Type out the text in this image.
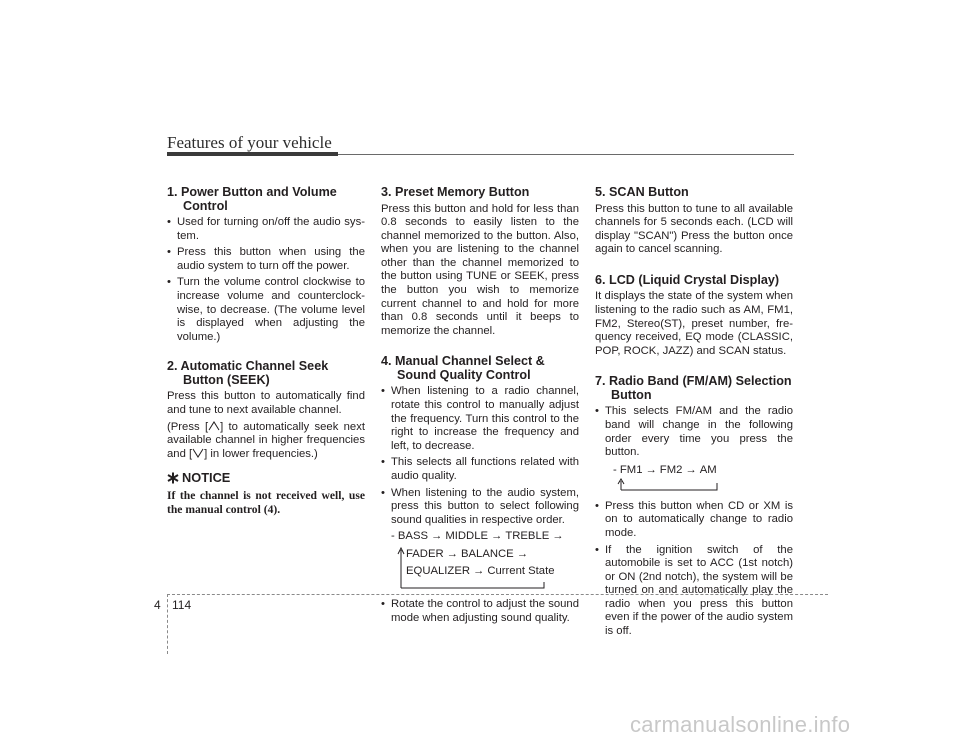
Features of your vehicle
1. Power Button and Volume
Control
• Used for turning on/off the audio sys-tem.
• Press this button when using the audio system to turn off the power.
• Turn the volume control clockwise to increase volume and counterclock-wise, to decrease. (The volume level is displayed when adjusting the volume.)
2. Automatic Channel Seek
Button (SEEK)

Press this button to automatically find and tune to next available channel.

(Press [ ] to automatically seek next available channel in higher frequencies and [ ] in lower frequencies.)

NOTICE
If the channel is not received well, use the manual control (4).
3. Preset Memory Button

Press this button and hold for less than 0.8 seconds to easily listen to the channel memorized to the button. Also, when you are listening to the channel other than the channel memorized to the button using TUNE or SEEK, press the button you wish to memorize current channel to and hold for more than 0.8 seconds until it beeps to memorize the channel.

4. Manual Channel Select &
Sound Quality Control
• When listening to a radio channel, rotate this control to manually adjust the frequency. Turn this control to the right to increase the frequency and left, to decrease.
• This selects all functions related with audio quality.
• When listening to the audio system, press this button to select following sound qualities in respective order.
- BASS → MIDDLE → TREBLE →
FADER → BALANCE →
EQUALIZER → Current State
• Rotate the control to adjust the sound mode when adjusting sound quality.
5. SCAN Button

Press this button to tune to all available channels for 5 seconds each. (LCD will display "SCAN") Press the button once again to cancel scanning.

6. LCD (Liquid Crystal Display)

It displays the state of the system when listening to the radio such as AM, FM1, FM2, Stereo(ST), preset number, fre-quency received, EQ mode (CLASSIC, POP, ROCK, JAZZ) and SCAN status.

7. Radio Band (FM/AM) Selection
Button
• This selects FM/AM and the radio band will change in the following order every time you press the button.
- FM1 → FM2 → AM
• Press this button when CD or XM is on to automatically change to radio mode.
• If the ignition switch of the automobile is set to ACC (1st notch) or ON (2nd notch), the system will be turned on and automatically play the radio when you press this button even if the power of the audio system is off.
4 114
carmanualsonline.info
